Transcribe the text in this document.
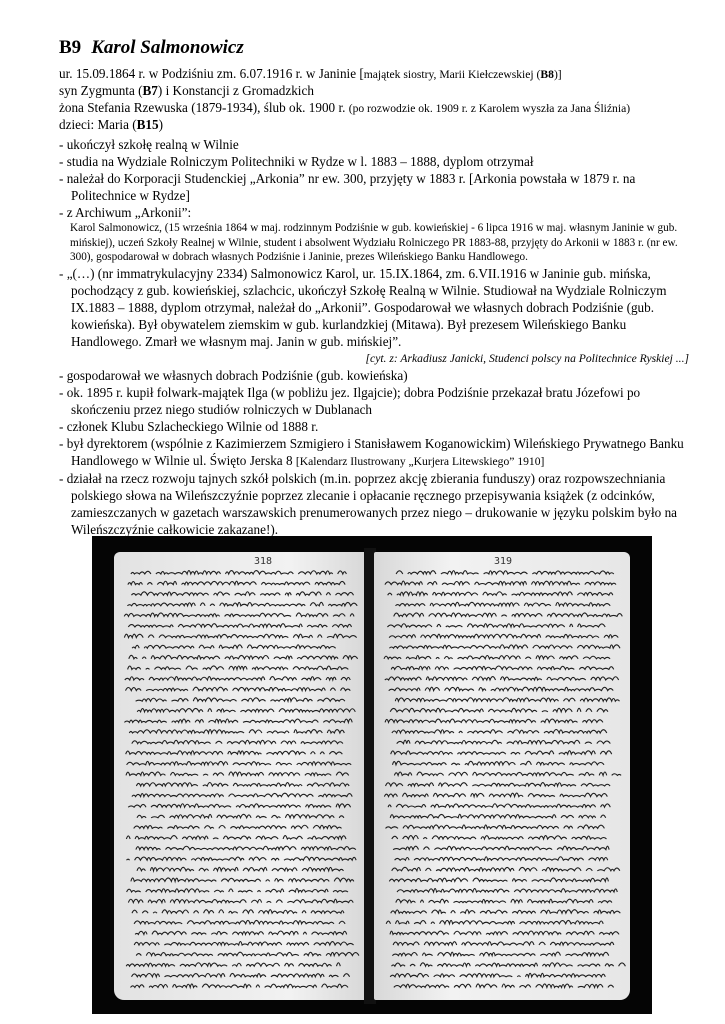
B9 Karol Salmonowicz
ur. 15.09.1864 r. w Podziśniu zm. 6.07.1916 r. w Janinie [majątek siostry, Marii Kiełczewskiej (B8)]
syn Zygmunta (B7) i Konstancji z Gromadzkich
żona Stefania Rzewuska (1879-1934), ślub ok. 1900 r. (po rozwodzie ok. 1909 r. z Karolem wyszła za Jana Śliźnia)
dzieci: Maria (B15)

- ukończył szkołę realną w Wilnie

- studia na Wydziale Rolniczym Politechniki w Rydze w l. 1883 – 1888, dyplom otrzymał

- należał do Korporacji Studenckiej „Arkonia” nr ew. 300, przyjęty w 1883 r. [Arkonia powstała w 1879 r. na Politechnice w Rydze]

- z Archiwum „Arkonii”:

Karol Salmonowicz, (15 września 1864 w maj. rodzinnym Podziśnie w gub. kowieńskiej - 6 lipca 1916 w maj. własnym Janinie w gub. mińskiej), uczeń Szkoły Realnej w Wilnie, student i absolwent Wydziału Rolniczego PR 1883-88, przyjęty do Arkonii w 1883 r. (nr ew. 300), gospodarował w dobrach własnych Podziśnie i Janinie, prezes Wileńskiego Banku Handlowego.

- „(…) (nr immatrykulacyjny 2334) Salmonowicz Karol, ur. 15.IX.1864, zm. 6.VII.1916 w Janinie gub. mińska, pochodzący z gub. kowieńskiej, szlachcic, ukończył Szkołę Realną w Wilnie. Studiował na Wydziale Rolniczym IX.1883 – 1888, dyplom otrzymał, należał do „Arkonii”. Gospodarował we własnych dobrach Podziśnie (gub. kowieńska). Był obywatelem ziemskim w gub. kurlandzkiej (Mitawa). Był prezesem Wileńskiego Banku Handlowego. Zmarł we własnym maj. Janin w gub. mińskiej”.

[cyt. z: Arkadiusz Janicki, Studenci polscy na Politechnice Ryskiej ...]

- gospodarował we własnych dobrach Podziśnie (gub. kowieńska)

- ok. 1895 r. kupił folwark-majątek Ilga (w pobliżu jez. Ilgajcie); dobra Podziśnie przekazał bratu Józefowi po skończeniu przez niego studiów rolniczych w Dublanach

- członek Klubu Szlacheckiego Wilnie od 1888 r.

- był dyrektorem (wspólnie z Kazimierzem Szmigiero i Stanisławem Koganowickim) Wileńskiego Prywatnego Banku Handlowego w Wilnie ul. Święto Jerska 8 [Kalendarz Ilustrowany „Kurjera Litewskiego” 1910]

- działał na rzecz rozwoju tajnych szkół polskich (m.in. poprzez akcję zbierania funduszy) oraz rozpowszechniania polskiego słowa na Wileńszczyźnie poprzez zlecanie i opłacanie ręcznego przepisywania książek (z odcinków, zamieszczanych w gazetach warszawskich prenumerowanych przez niego – drukowanie w języku polskim było na Wileńszczyźnie całkowicie zakazane!).

318	319
